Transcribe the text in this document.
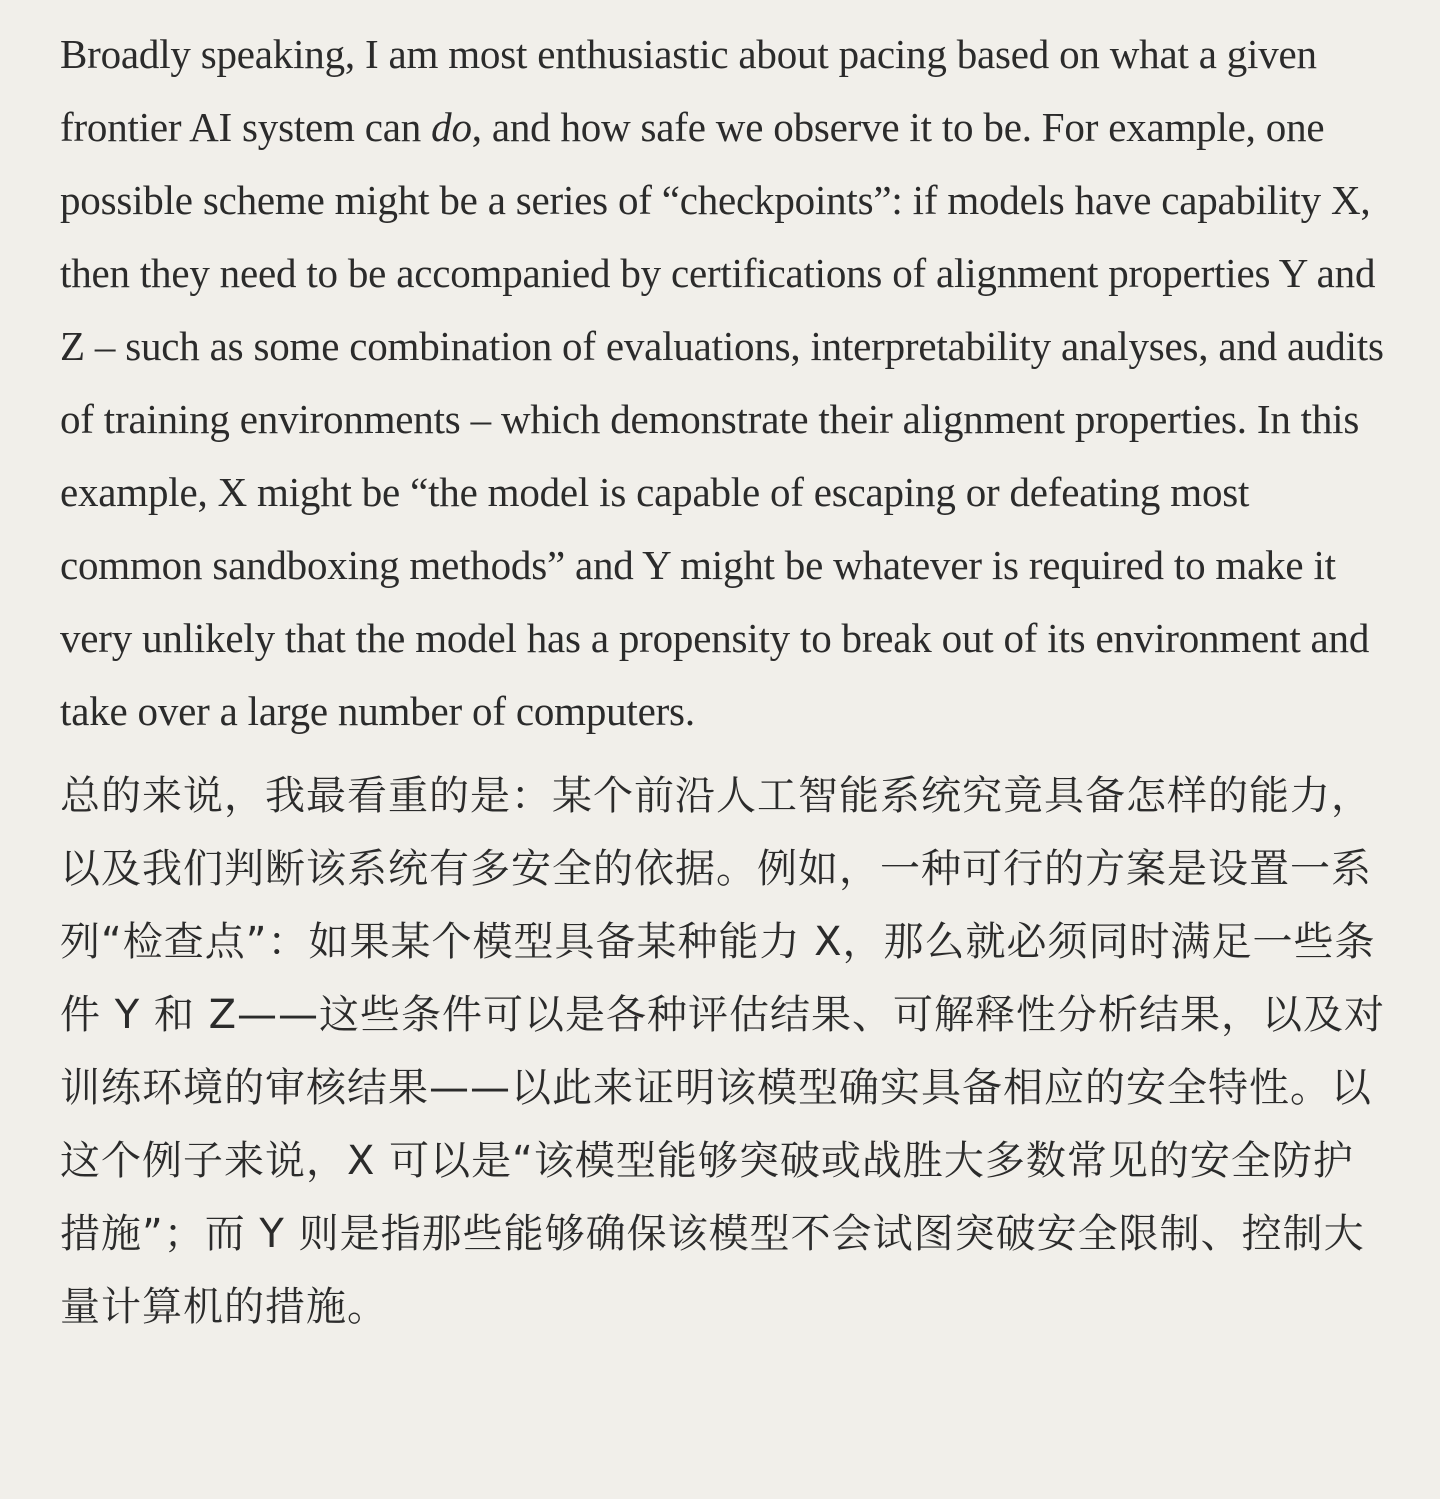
Broadly speaking, I am most enthusiastic about pacing based on what a given frontier AI system can do, and how safe we observe it to be. For example, one possible scheme might be a series of “checkpoints”: if models have capability X, then they need to be accompanied by certifications of alignment properties Y and Z – such as some combination of evaluations, interpretability analyses, and audits of training environments – which demonstrate their alignment properties. In this example, X might be “the model is capable of escaping or defeating most common sandboxing methods” and Y might be whatever is required to make it very unlikely that the model has a propensity to break out of its environment and take over a large number of computers.

总的来说，我最看重的是：某个前沿人工智能系统究竟具备怎样的能力，以及我们判断该系统有多安全的依据。例如，一种可行的方案是设置一系列“检查点”：如果某个模型具备某种能力 X，那么就必须同时满足一些条件 Y 和 Z——这些条件可以是各种评估结果、可解释性分析结果，以及对训练环境的审核结果——以此来证明该模型确实具备相应的安全特性。以这个例子来说，X 可以是“该模型能够突破或战胜大多数常见的安全防护措施”；而 Y 则是指那些能够确保该模型不会试图突破安全限制、控制大量计算机的措施。
